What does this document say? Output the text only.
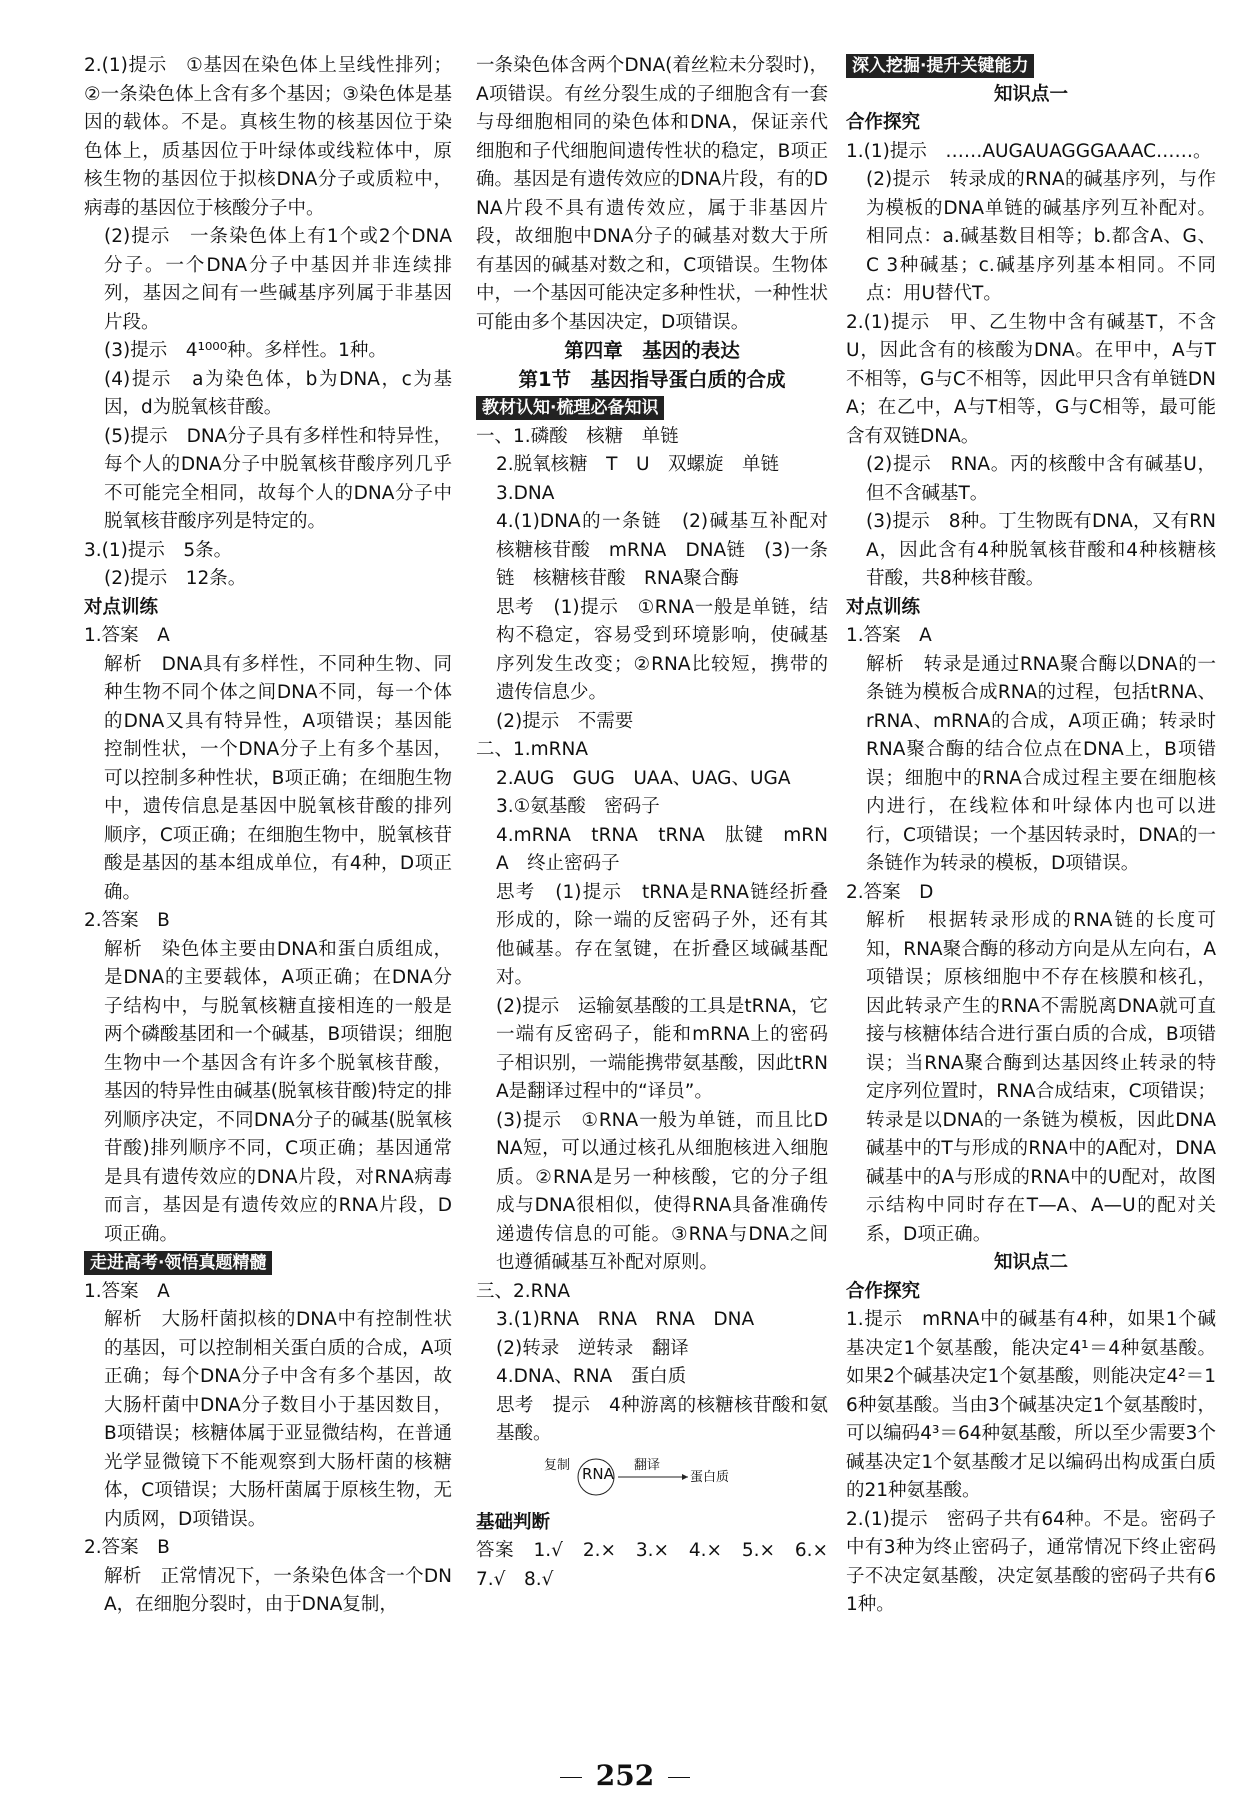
2.(1)提示　①基因在染色体上呈线性排列；②一条染色体上含有多个基因；③染色体是基因的载体。不是。真核生物的核基因位于染色体上，质基因位于叶绿体或线粒体中，原核生物的基因位于拟核DNA分子或质粒中，病毒的基因位于核酸分子中。

(2)提示　一条染色体上有1个或2个DNA分子。一个DNA分子中基因并非连续排列，基因之间有一些碱基序列属于非基因片段。

(3)提示　4¹⁰⁰⁰种。多样性。1种。

(4)提示　a为染色体，b为DNA，c为基因，d为脱氧核苷酸。

(5)提示　DNA分子具有多样性和特异性，每个人的DNA分子中脱氧核苷酸序列几乎不可能完全相同，故每个人的DNA分子中脱氧核苷酸序列是特定的。

3.(1)提示　5条。

(2)提示　12条。

对点训练

1.答案　A

解析　DNA具有多样性，不同种生物、同种生物不同个体之间DNA不同，每一个体的DNA又具有特异性，A项错误；基因能控制性状，一个DNA分子上有多个基因，可以控制多种性状，B项正确；在细胞生物中，遗传信息是基因中脱氧核苷酸的排列顺序，C项正确；在细胞生物中，脱氧核苷酸是基因的基本组成单位，有4种，D项正确。

2.答案　B

解析　染色体主要由DNA和蛋白质组成，是DNA的主要载体，A项正确；在DNA分子结构中，与脱氧核糖直接相连的一般是两个磷酸基团和一个碱基，B项错误；细胞生物中一个基因含有许多个脱氧核苷酸，基因的特异性由碱基(脱氧核苷酸)特定的排列顺序决定，不同DNA分子的碱基(脱氧核苷酸)排列顺序不同，C项正确；基因通常是具有遗传效应的DNA片段，对RNA病毒而言，基因是有遗传效应的RNA片段，D项正确。

走进高考·领悟真题精髓

1.答案　A

解析　大肠杆菌拟核的DNA中有控制性状的基因，可以控制相关蛋白质的合成，A项正确；每个DNA分子中含有多个基因，故大肠杆菌中DNA分子数目小于基因数目，B项错误；核糖体属于亚显微结构，在普通光学显微镜下不能观察到大肠杆菌的核糖体，C项错误；大肠杆菌属于原核生物，无内质网，D项错误。

2.答案　B

解析　正常情况下，一条染色体含一个DNA，在细胞分裂时，由于DNA复制，

一条染色体含两个DNA(着丝粒未分裂时)，A项错误。有丝分裂生成的子细胞含有一套与母细胞相同的染色体和DNA，保证亲代细胞和子代细胞间遗传性状的稳定，B项正确。基因是有遗传效应的DNA片段，有的DNA片段不具有遗传效应，属于非基因片段，故细胞中DNA分子的碱基对数大于所有基因的碱基对数之和，C项错误。生物体中，一个基因可能决定多种性状，一种性状可能由多个基因决定，D项错误。

第四章　基因的表达

第1节　基因指导蛋白质的合成

教材认知·梳理必备知识

一、1.磷酸　核糖　单链

2.脱氧核糖　T　U　双螺旋　单链

3.DNA

4.(1)DNA的一条链　(2)碱基互补配对　核糖核苷酸　mRNA　DNA链　(3)一条链　核糖核苷酸　RNA聚合酶

思考　(1)提示　①RNA一般是单链，结构不稳定，容易受到环境影响，使碱基序列发生改变；②RNA比较短，携带的遗传信息少。

(2)提示　不需要

二、1.mRNA

2.AUG　GUG　UAA、UAG、UGA

3.①氨基酸　密码子

4.mRNA　tRNA　tRNA　肽键　mRNA　终止密码子

思考　(1)提示　tRNA是RNA链经折叠形成的，除一端的反密码子外，还有其他碱基。存在氢键，在折叠区域碱基配对。

(2)提示　运输氨基酸的工具是tRNA，它一端有反密码子，能和mRNA上的密码子相识别，一端能携带氨基酸，因此tRNA是翻译过程中的“译员”。

(3)提示　①RNA一般为单链，而且比DNA短，可以通过核孔从细胞核进入细胞质。②RNA是另一种核酸，它的分子组成与DNA很相似，使得RNA具备准确传递遗传信息的可能。③RNA与DNA之间也遵循碱基互补配对原则。

三、2.RNA

3.(1)RNA　RNA　RNA　DNA

(2)转录　逆转录　翻译

4.DNA、RNA　蛋白质

思考　提示　4种游离的核糖核苷酸和氨基酸。

复制 RNA 翻译
蛋白质

基础判断

答案　1.√　2.×　3.×　4.×　5.×　6.×　7.√　8.√

深入挖掘·提升关键能力

知识点一

合作探究

1.(1)提示　……AUGAUAGGGAAAC……。

(2)提示　转录成的RNA的碱基序列，与作为模板的DNA单链的碱基序列互补配对。相同点：a.碱基数目相等；b.都含A、G、C 3种碱基；c.碱基序列基本相同。不同点：用U替代T。

2.(1)提示　甲、乙生物中含有碱基T，不含U，因此含有的核酸为DNA。在甲中，A与T不相等，G与C不相等，因此甲只含有单链DNA；在乙中，A与T相等，G与C相等，最可能含有双链DNA。

(2)提示　RNA。丙的核酸中含有碱基U，但不含碱基T。

(3)提示　8种。丁生物既有DNA，又有RNA，因此含有4种脱氧核苷酸和4种核糖核苷酸，共8种核苷酸。

对点训练

1.答案　A

解析　转录是通过RNA聚合酶以DNA的一条链为模板合成RNA的过程，包括tRNA、rRNA、mRNA的合成，A项正确；转录时RNA聚合酶的结合位点在DNA上，B项错误；细胞中的RNA合成过程主要在细胞核内进行，在线粒体和叶绿体内也可以进行，C项错误；一个基因转录时，DNA的一条链作为转录的模板，D项错误。

2.答案　D

解析　根据转录形成的RNA链的长度可知，RNA聚合酶的移动方向是从左向右，A项错误；原核细胞中不存在核膜和核孔，因此转录产生的RNA不需脱离DNA就可直接与核糖体结合进行蛋白质的合成，B项错误；当RNA聚合酶到达基因终止转录的特定序列位置时，RNA合成结束，C项错误；转录是以DNA的一条链为模板，因此DNA碱基中的T与形成的RNA中的A配对，DNA碱基中的A与形成的RNA中的U配对，故图示结构中同时存在T—A、A—U的配对关系，D项正确。

知识点二

合作探究

1.提示　mRNA中的碱基有4种，如果1个碱基决定1个氨基酸，能决定4¹＝4种氨基酸。如果2个碱基决定1个氨基酸，则能决定4²＝16种氨基酸。当由3个碱基决定1个氨基酸时，可以编码4³＝64种氨基酸，所以至少需要3个碱基决定1个氨基酸才足以编码出构成蛋白质的21种氨基酸。

2.(1)提示　密码子共有64种。不是。密码子中有3种为终止密码子，通常情况下终止密码子不决定氨基酸，决定氨基酸的密码子共有61种。

252
